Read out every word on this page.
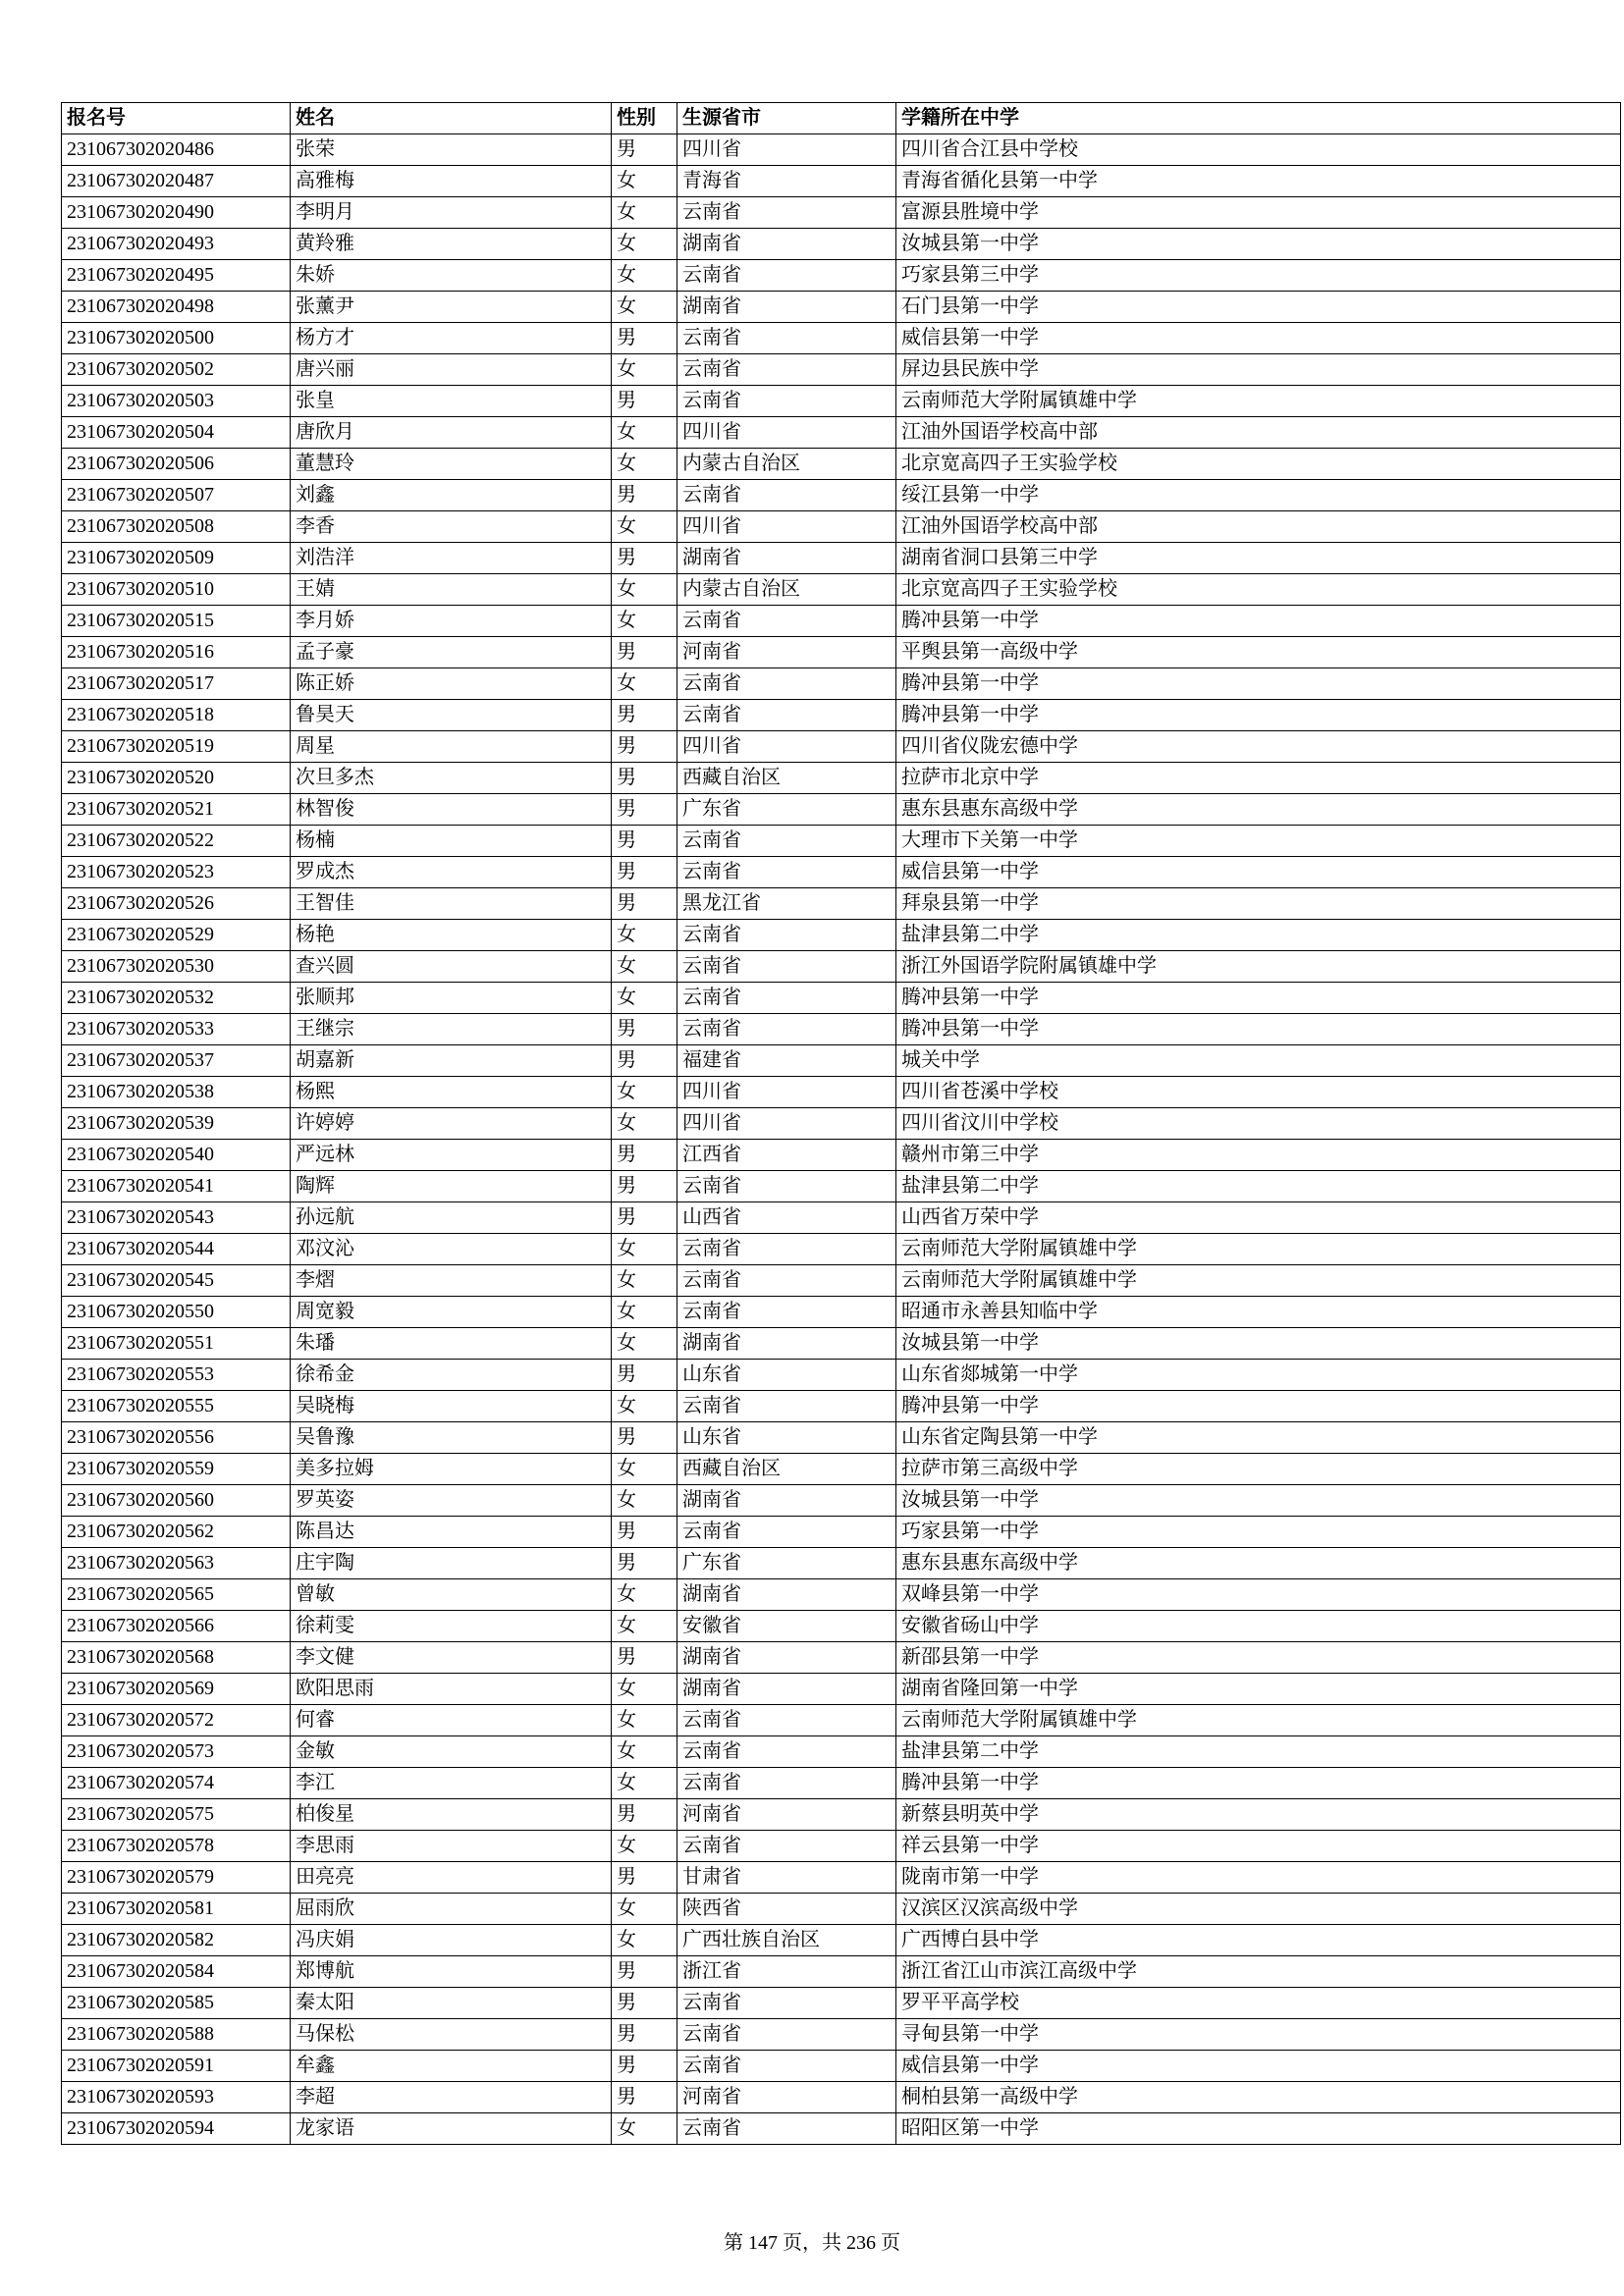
报名号	姓名	性别	生源省市	学籍所在中学
231067302020486	张荣	男	四川省	四川省合江县中学校
231067302020487	高雅梅	女	青海省	青海省循化县第一中学
231067302020490	李明月	女	云南省	富源县胜境中学
231067302020493	黄羚雅	女	湖南省	汝城县第一中学
231067302020495	朱娇	女	云南省	巧家县第三中学
231067302020498	张薰尹	女	湖南省	石门县第一中学
231067302020500	杨方才	男	云南省	威信县第一中学
231067302020502	唐兴丽	女	云南省	屏边县民族中学
231067302020503	张皇	男	云南省	云南师范大学附属镇雄中学
231067302020504	唐欣月	女	四川省	江油外国语学校高中部
231067302020506	董慧玲	女	内蒙古自治区	北京宽高四子王实验学校
231067302020507	刘鑫	男	云南省	绥江县第一中学
231067302020508	李香	女	四川省	江油外国语学校高中部
231067302020509	刘浩洋	男	湖南省	湖南省洞口县第三中学
231067302020510	王婧	女	内蒙古自治区	北京宽高四子王实验学校
231067302020515	李月娇	女	云南省	腾冲县第一中学
231067302020516	孟子豪	男	河南省	平舆县第一高级中学
231067302020517	陈正娇	女	云南省	腾冲县第一中学
231067302020518	鲁昊天	男	云南省	腾冲县第一中学
231067302020519	周星	男	四川省	四川省仪陇宏德中学
231067302020520	次旦多杰	男	西藏自治区	拉萨市北京中学
231067302020521	林智俊	男	广东省	惠东县惠东高级中学
231067302020522	杨楠	男	云南省	大理市下关第一中学
231067302020523	罗成杰	男	云南省	威信县第一中学
231067302020526	王智佳	男	黑龙江省	拜泉县第一中学
231067302020529	杨艳	女	云南省	盐津县第二中学
231067302020530	查兴圆	女	云南省	浙江外国语学院附属镇雄中学
231067302020532	张顺邦	女	云南省	腾冲县第一中学
231067302020533	王继宗	男	云南省	腾冲县第一中学
231067302020537	胡嘉新	男	福建省	城关中学
231067302020538	杨熙	女	四川省	四川省苍溪中学校
231067302020539	许婷婷	女	四川省	四川省汶川中学校
231067302020540	严远林	男	江西省	赣州市第三中学
231067302020541	陶辉	男	云南省	盐津县第二中学
231067302020543	孙远航	男	山西省	山西省万荣中学
231067302020544	邓汶沁	女	云南省	云南师范大学附属镇雄中学
231067302020545	李熠	女	云南省	云南师范大学附属镇雄中学
231067302020550	周宽毅	女	云南省	昭通市永善县知临中学
231067302020551	朱璠	女	湖南省	汝城县第一中学
231067302020553	徐希金	男	山东省	山东省郯城第一中学
231067302020555	吴晓梅	女	云南省	腾冲县第一中学
231067302020556	吴鲁豫	男	山东省	山东省定陶县第一中学
231067302020559	美多拉姆	女	西藏自治区	拉萨市第三高级中学
231067302020560	罗英姿	女	湖南省	汝城县第一中学
231067302020562	陈昌达	男	云南省	巧家县第一中学
231067302020563	庄宇陶	男	广东省	惠东县惠东高级中学
231067302020565	曾敏	女	湖南省	双峰县第一中学
231067302020566	徐莉雯	女	安徽省	安徽省砀山中学
231067302020568	李文健	男	湖南省	新邵县第一中学
231067302020569	欧阳思雨	女	湖南省	湖南省隆回第一中学
231067302020572	何睿	女	云南省	云南师范大学附属镇雄中学
231067302020573	金敏	女	云南省	盐津县第二中学
231067302020574	李江	女	云南省	腾冲县第一中学
231067302020575	柏俊星	男	河南省	新蔡县明英中学
231067302020578	李思雨	女	云南省	祥云县第一中学
231067302020579	田亮亮	男	甘肃省	陇南市第一中学
231067302020581	屈雨欣	女	陕西省	汉滨区汉滨高级中学
231067302020582	冯庆娟	女	广西壮族自治区	广西博白县中学
231067302020584	郑博航	男	浙江省	浙江省江山市滨江高级中学
231067302020585	秦太阳	男	云南省	罗平平高学校
231067302020588	马保松	男	云南省	寻甸县第一中学
231067302020591	牟鑫	男	云南省	威信县第一中学
231067302020593	李超	男	河南省	桐柏县第一高级中学
231067302020594	龙家语	女	云南省	昭阳区第一中学
第 147 页，共 236 页
